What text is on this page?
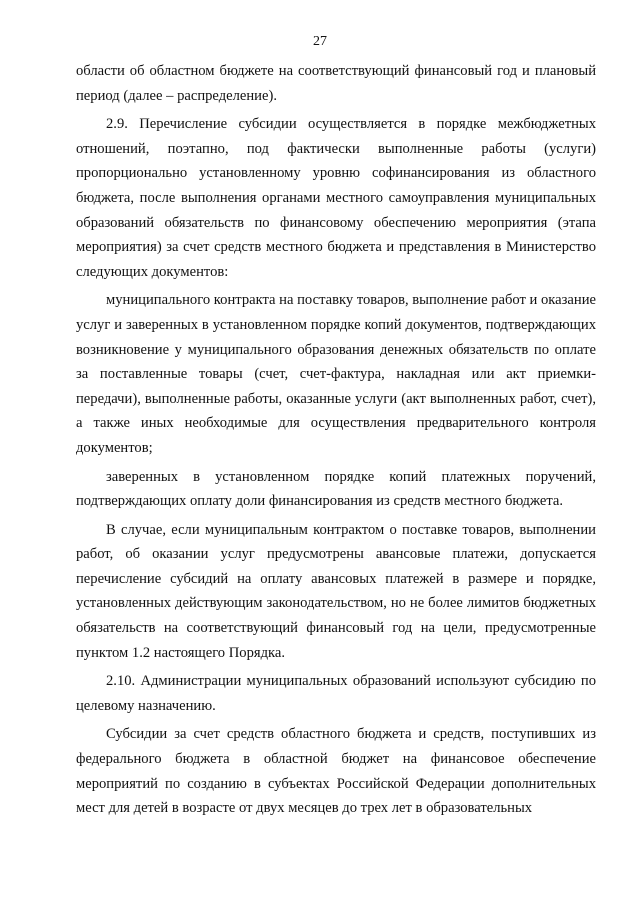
27

области об областном бюджете на соответствующий финансовый год и плановый период (далее – распределение).

2.9. Перечисление субсидии осуществляется в порядке межбюджетных отношений, поэтапно, под фактически выполненные работы (услуги) пропорционально установленному уровню софинансирования из областного бюджета, после выполнения органами местного самоуправления муниципальных образований обязательств по финансовому обеспечению мероприятия (этапа мероприятия) за счет средств местного бюджета и представления в Министерство следующих документов:

муниципального контракта на поставку товаров, выполнение работ и оказание услуг и заверенных в установленном порядке копий документов, подтверждающих возникновение у муниципального образования денежных обязательств по оплате за поставленные товары (счет, счет-фактура, накладная или акт приемки-передачи), выполненные работы, оказанные услуги (акт выполненных работ, счет), а также иных необходимые для осуществления предварительного контроля документов;

заверенных в установленном порядке копий платежных поручений, подтверждающих оплату доли финансирования из средств местного бюджета.

В случае, если муниципальным контрактом о поставке товаров, выполнении работ, об оказании услуг предусмотрены авансовые платежи, допускается перечисление субсидий на оплату авансовых платежей в размере и порядке, установленных действующим законодательством, но не более лимитов бюджетных обязательств на соответствующий финансовый год на цели, предусмотренные пунктом 1.2 настоящего Порядка.

2.10. Администрации муниципальных образований используют субсидию по целевому назначению.

Субсидии за счет средств областного бюджета и средств, поступивших из федерального бюджета в областной бюджет на финансовое обеспечение мероприятий по созданию в субъектах Российской Федерации дополнительных мест для детей в возрасте от двух месяцев до трех лет в образовательных
